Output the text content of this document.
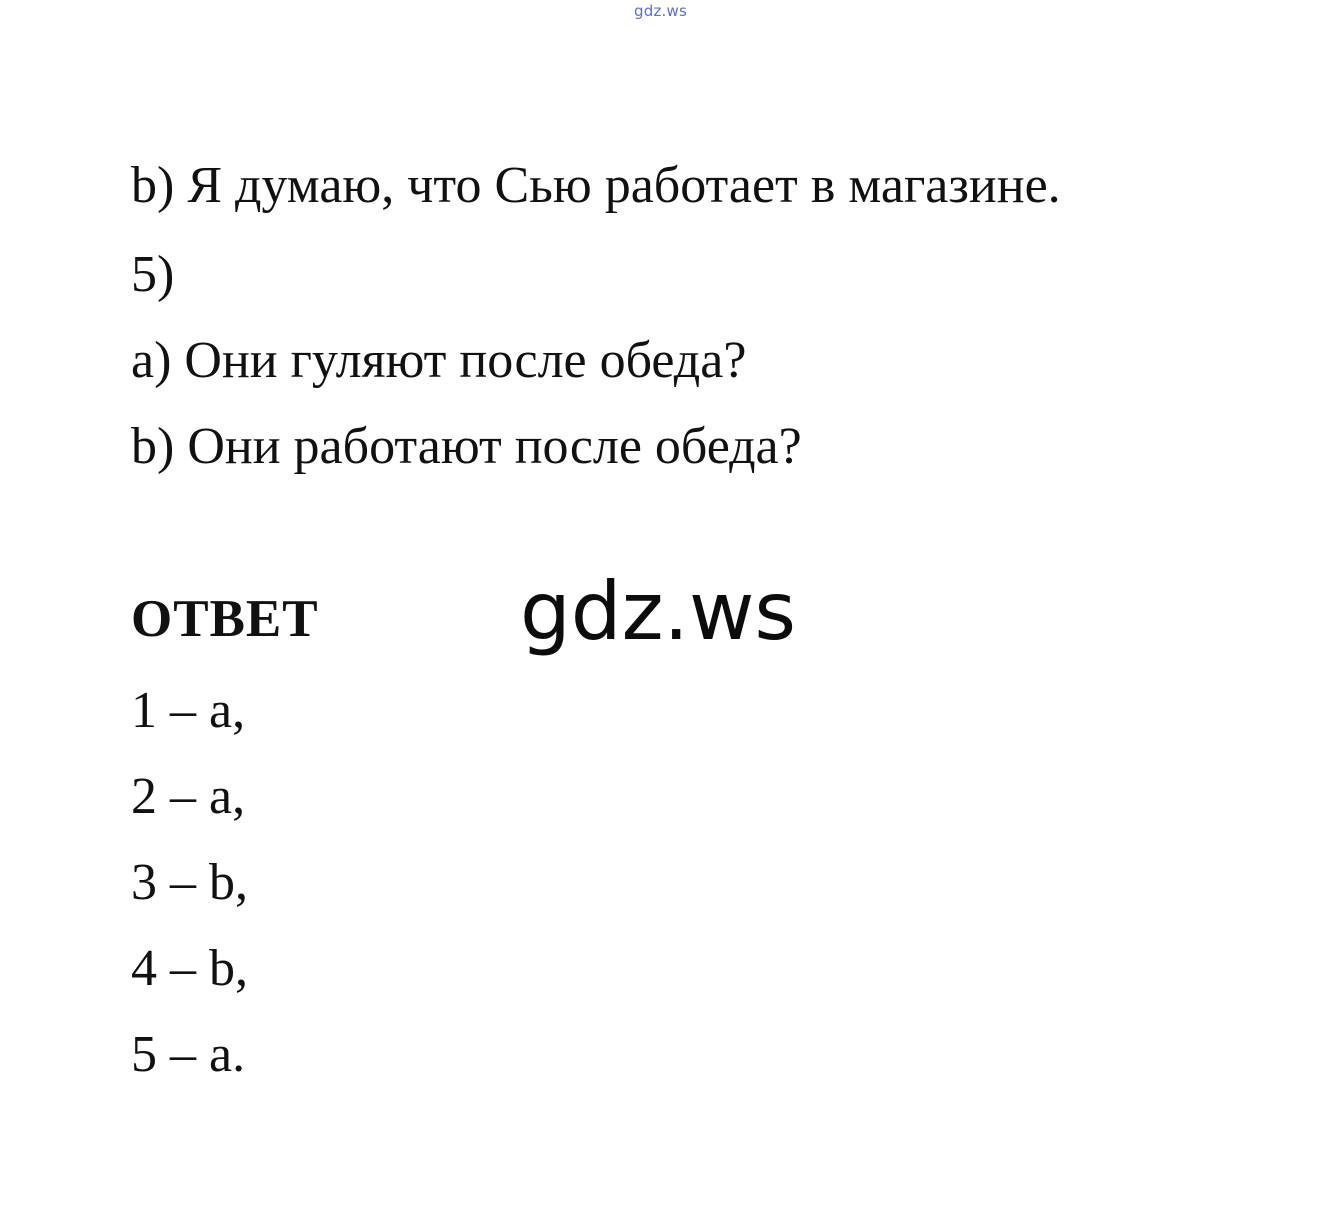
gdz.ws
b) Я думаю, что Сью работает в магазине.
5)
a) Они гуляют после обеда?
b) Они работают после обеда?
ОТВЕТ	gdz.ws
1 – a,
2 – a,
3 – b,
4 – b,
5 – a.
